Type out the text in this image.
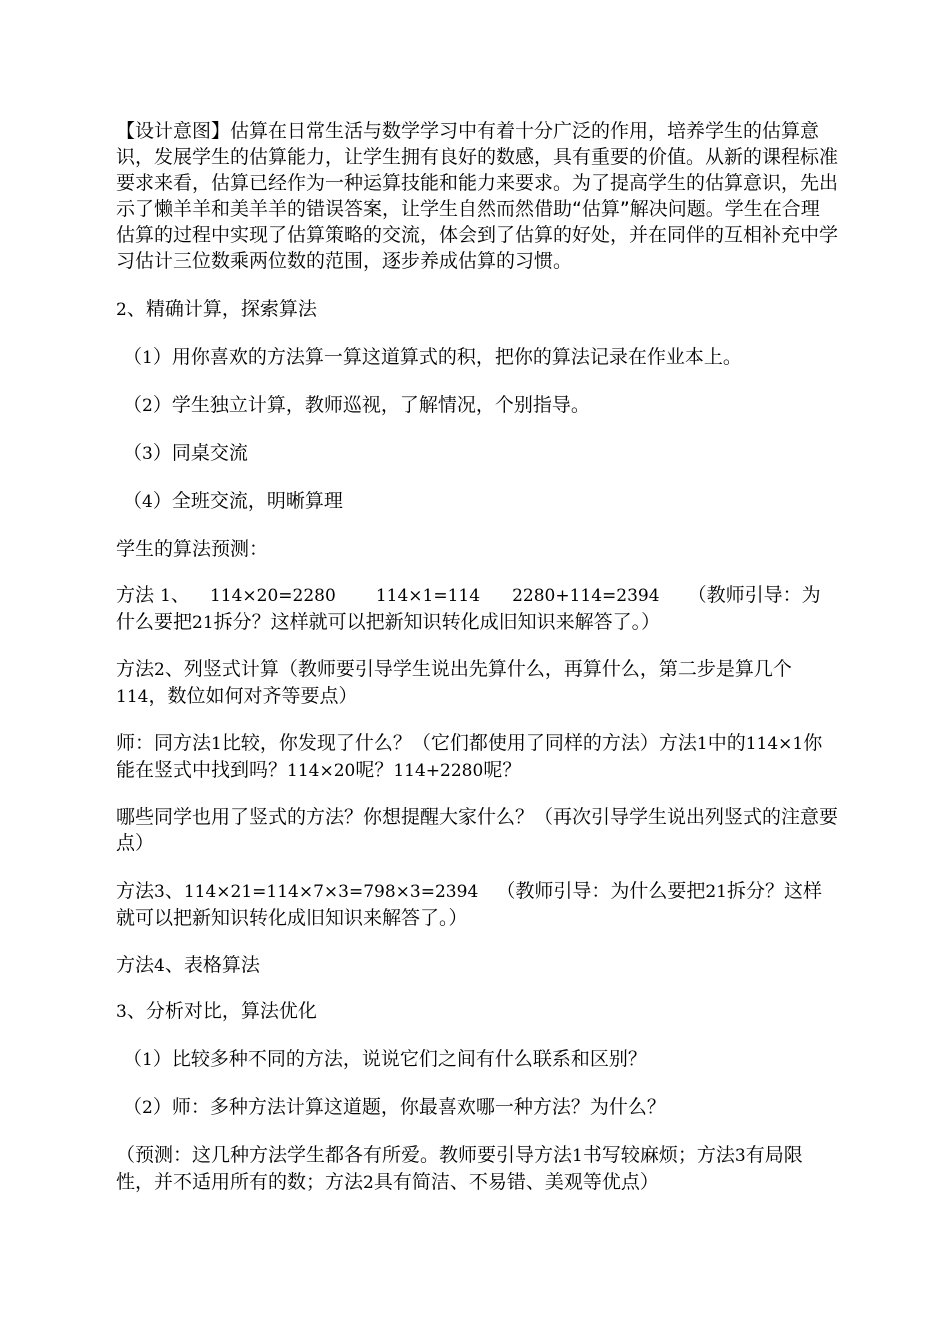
【设计意图】估算在日常生活与数学学习中有着十分广泛的作用，培养学生的估算意识，发展学生的估算能力，让学生拥有良好的数感，具有重要的价值。从新的课程标准要求来看，估算已经作为一种运算技能和能力来要求。为了提高学生的估算意识，先出示了懒羊羊和美羊羊的错误答案，让学生自然而然借助“估算”解决问题。学生在合理估算的过程中实现了估算策略的交流，体会到了估算的好处，并在同伴的互相补充中学习估计三位数乘两位数的范围，逐步养成估算的习惯。

2、精确计算，探索算法

（1）用你喜欢的方法算一算这道算式的积，把你的算法记录在作业本上。

（2）学生独立计算，教师巡视，了解情况，个别指导。

（3）同桌交流

（4）全班交流，明晰算理

学生的算法预测：

方法 1、 114×20=2280 114×1=114 2280+114=2394 （教师引导：为什么要把21拆分？这样就可以把新知识转化成旧知识来解答了。）

方法2、列竖式计算（教师要引导学生说出先算什么，再算什么，第二步是算几个114，数位如何对齐等要点）

师：同方法1比较，你发现了什么？（它们都使用了同样的方法）方法1中的114×1你能在竖式中找到吗？114×20呢？114+2280呢？

哪些同学也用了竖式的方法？你想提醒大家什么？（再次引导学生说出列竖式的注意要点）

方法3、114×21=114×7×3=798×3=2394 （教师引导：为什么要把21拆分？这样就可以把新知识转化成旧知识来解答了。）

方法4、表格算法

3、分析对比，算法优化

（1）比较多种不同的方法，说说它们之间有什么联系和区别？

（2）师：多种方法计算这道题，你最喜欢哪一种方法？为什么？

（预测：这几种方法学生都各有所爱。教师要引导方法1书写较麻烦；方法3有局限性，并不适用所有的数；方法2具有简洁、不易错、美观等优点）
